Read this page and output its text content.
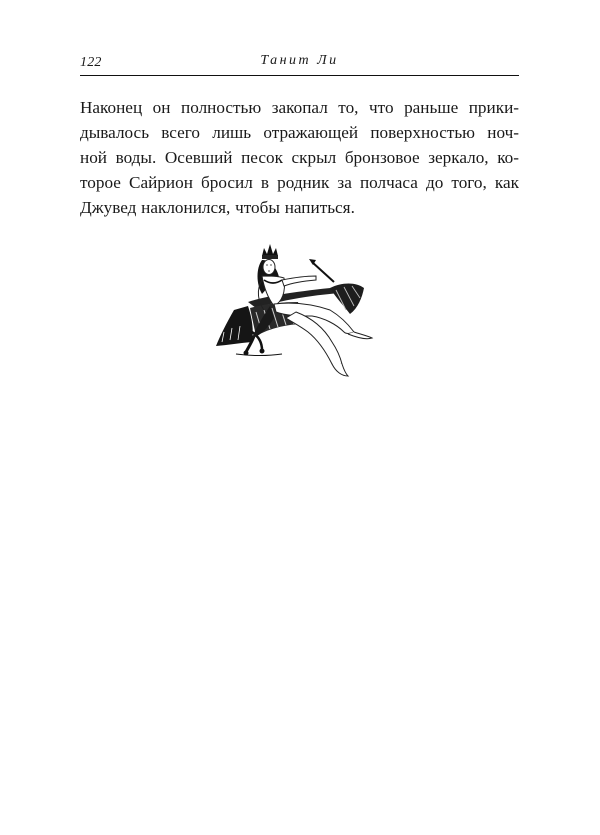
122	Танит Ли

Наконец он полностью закопал то, что раньше прики-
дывалось всего лишь отражающей поверхностью ноч-
ной воды. Осевший песок скрыл бронзовое зеркало, ко-
торое Сайрион бросил в родник за полчаса до того, как
Джувед наклонился, чтобы напиться.
